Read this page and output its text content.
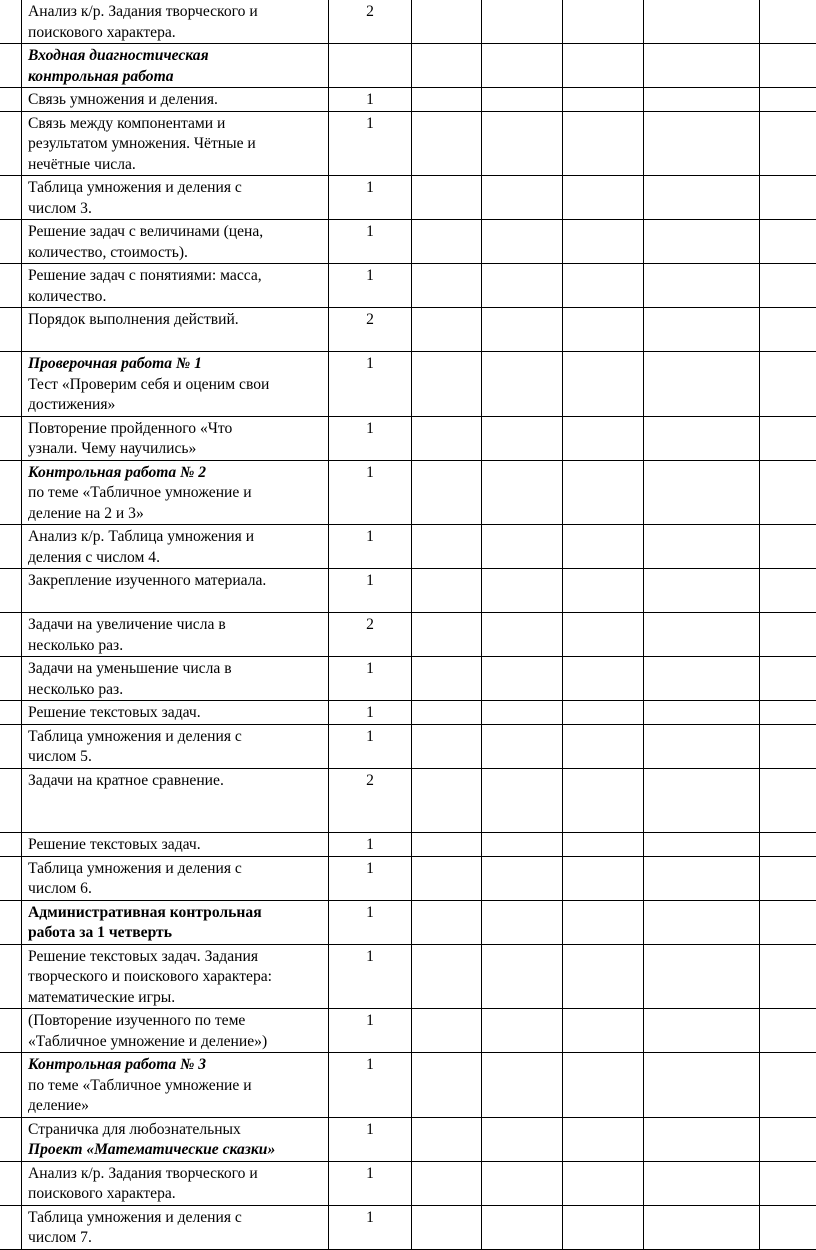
	Анализ к/р. Задания творческого и
поискового характера.	2					

	Входная диагностическая
контрольная работа						

	Связь умножения и деления.	1					

	Связь между компонентами и
результатом умножения. Чётные и
нечётные числа.	1					

	Таблица умножения и деления с
числом 3.	1					

	Решение задач с величинами (цена,
количество, стоимость).	1					

	Решение задач с понятиями: масса,
количество.	1					

	Порядок выполнения действий.	2					

	Проверочная работа № 1
Тест «Проверим себя и оценим свои
достижения»	1					

	Повторение пройденного «Что
узнали. Чему научились»	1					

	Контрольная работа № 2
по теме «Табличное умножение и
деление на 2 и 3»	1					

	Анализ к/р. Таблица умножения и
деления с числом 4.	1					

	Закрепление изученного материала.	1					

	Задачи на увеличение числа в
несколько раз.	2					

	Задачи на уменьшение числа в
несколько раз.	1					

	Решение текстовых задач.	1					

	Таблица умножения и деления с
числом 5.	1					

	Задачи на кратное сравнение.	2					

	Решение текстовых задач.	1					

	Таблица умножения и деления с
числом 6.	1					

	Административная контрольная
работа за 1 четверть	1					

	Решение текстовых задач. Задания
творческого и поискового характера:
математические игры.	1					

	(Повторение изученного по теме
«Табличное умножение и деление»)	1					

	Контрольная работа № 3
по теме «Табличное умножение и
деление»	1					

	Страничка для любознательных
Проект «Математические сказки»	1					

	Анализ к/р. Задания творческого и
поискового характера.	1					

	Таблица умножения и деления с
числом 7.	1					
